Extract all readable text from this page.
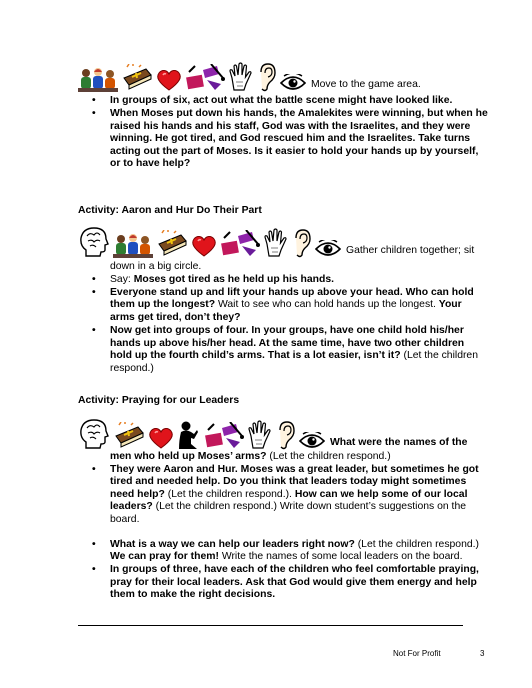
Move to the game area.
• In groups of six, act out what the battle scene might have looked like.
• When Moses put down his hands, the Amalekites were winning, but when he raised his hands and his staff, God was with the Israelites, and they were winning. He got tired, and God rescued him and the Israelites. Take turns acting out the part of Moses. Is it easier to hold your hands up by yourself, or to have help?
Activity: Aaron and Hur Do Their Part
Gather children together; sit
down in a big circle.
• Say: Moses got tired as he held up his hands.
• Everyone stand up and lift your hands up above your head. Who can hold them up the longest? Wait to see who can hold hands up the longest. Your arms get tired, don’t they?
• Now get into groups of four. In your groups, have one child hold his/her hands up above his/her head. At the same time, have two other children hold up the fourth child’s arms. That is a lot easier, isn’t it? (Let the children respond.)
Activity: Praying for our Leaders
What were the names of the
men who held up Moses’ arms? (Let the children respond.)
• They were Aaron and Hur. Moses was a great leader, but sometimes he got tired and needed help. Do you think that leaders today might sometimes need help? (Let the children respond.). How can we help some of our local leaders? (Let the children respond.) Write down student’s suggestions on the board.
• What is a way we can help our leaders right now? (Let the children respond.) We can pray for them! Write the names of some local leaders on the board.
• In groups of three, have each of the children who feel comfortable praying, pray for their local leaders. Ask that God would give them energy and help them to make the right decisions.
Not For Profit	3
